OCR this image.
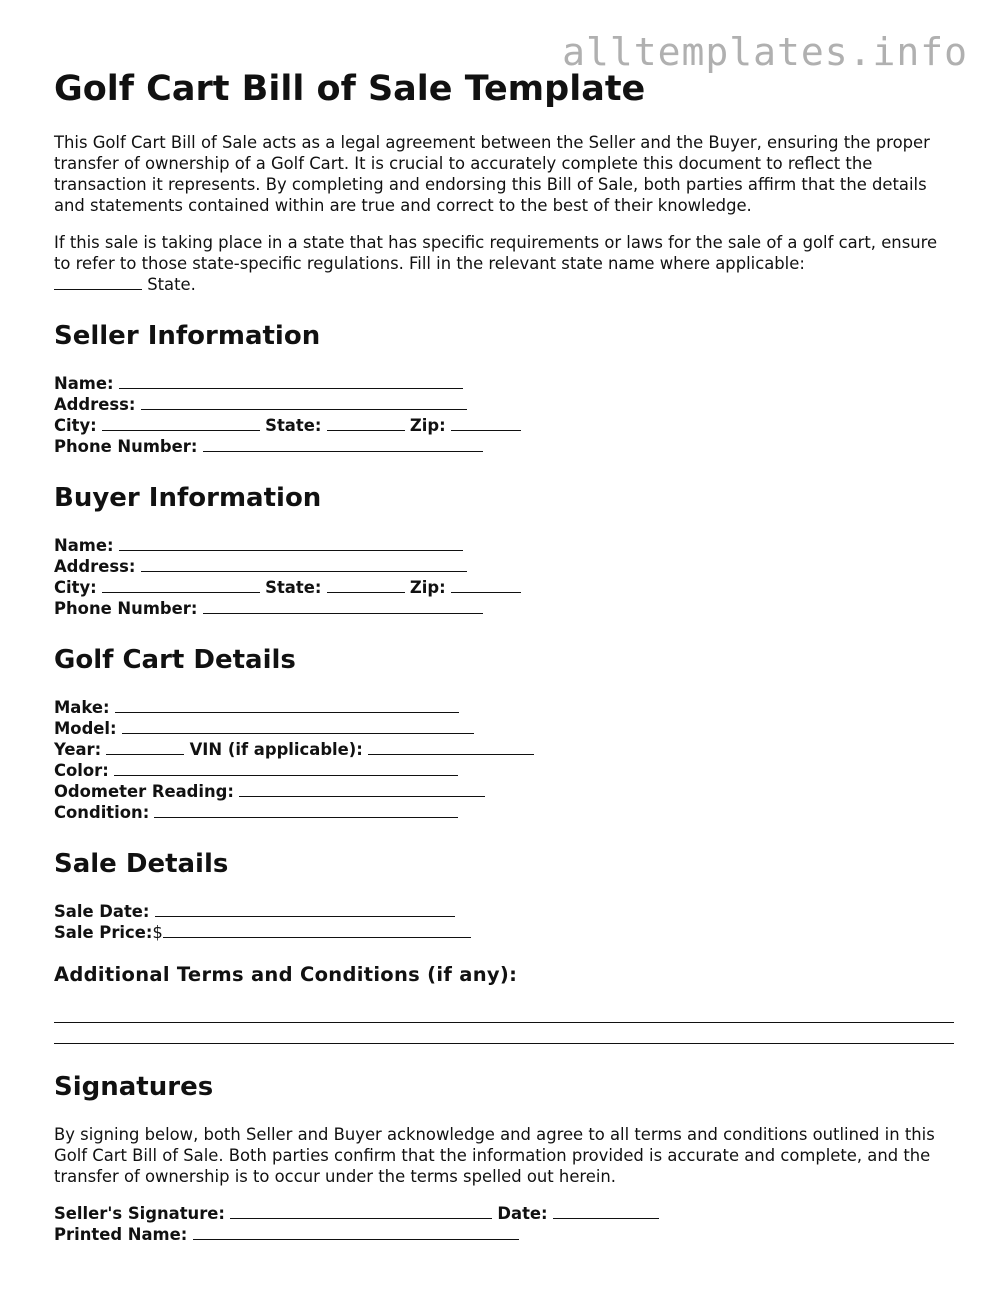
alltemplates.info
Golf Cart Bill of Sale Template

This Golf Cart Bill of Sale acts as a legal agreement between the Seller and the Buyer, ensuring the proper transfer of ownership of a Golf Cart. It is crucial to accurately complete this document to reflect the transaction it represents. By completing and endorsing this Bill of Sale, both parties affirm that the details and statements contained within are true and correct to the best of their knowledge.

If this sale is taking place in a state that has specific requirements or laws for the sale of a golf cart, ensure to refer to those state-specific regulations. Fill in the relevant state name where applicable:
State.

Seller Information
Name:
Address:
City:	State:	Zip:
Phone Number:
Buyer Information
Name:
Address:
City:	State:	Zip:
Phone Number:
Golf Cart Details
Make:
Model:
Year:	VIN (if applicable):
Color:
Odometer Reading:
Condition:
Sale Details
Sale Date:
Sale Price:$
Additional Terms and Conditions (if any):
Signatures

By signing below, both Seller and Buyer acknowledge and agree to all terms and conditions outlined in this Golf Cart Bill of Sale. Both parties confirm that the information provided is accurate and complete, and the transfer of ownership is to occur under the terms spelled out herein.

Seller's Signature:	Date:
Printed Name:
